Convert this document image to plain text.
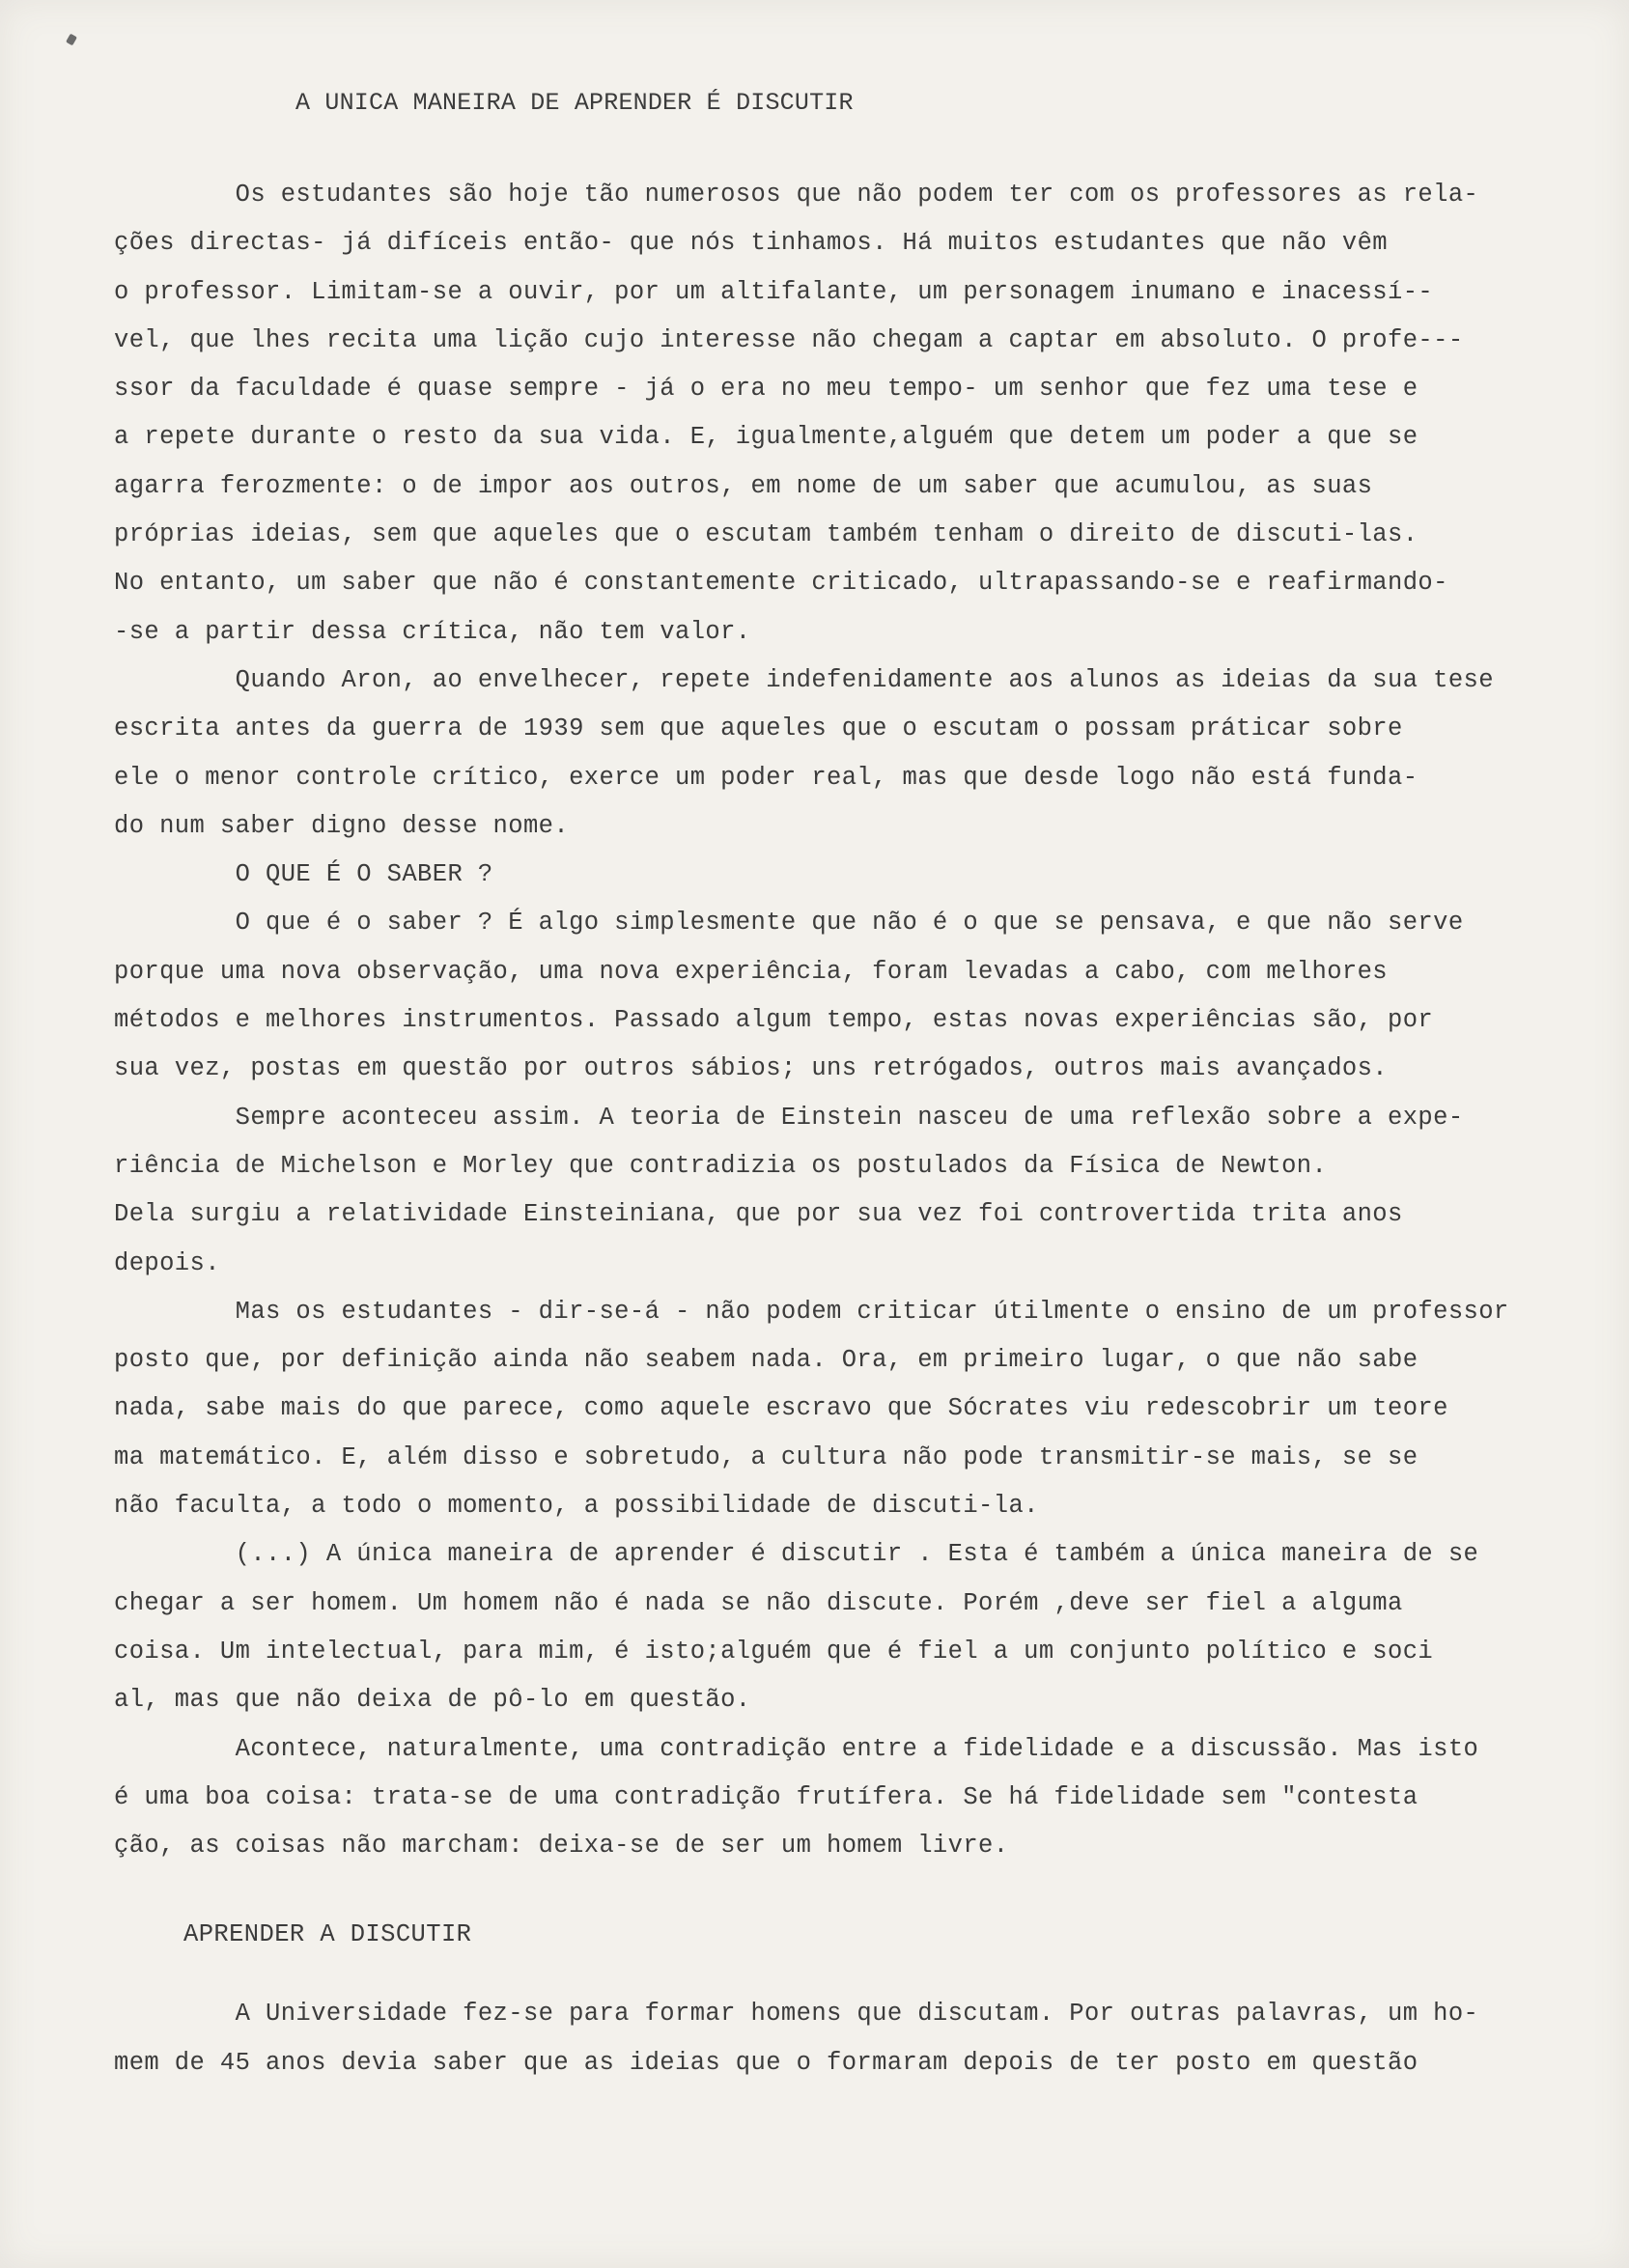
A UNICA MANEIRA DE APRENDER É DISCUTIR
Os estudantes são hoje tão numerosos que não podem ter com os professores as rela-
ções directas- já difíceis então- que nós tinhamos. Há muitos estudantes que não vêm
o professor. Limitam-se a ouvir, por um altifalante, um personagem inumano e inacessí--
vel, que lhes recita uma lição cujo interesse não chegam a captar em absoluto. O profe---
ssor da faculdade é quase sempre - já o era no meu tempo- um senhor que fez uma tese e
a repete durante o resto da sua vida. E, igualmente,alguém que detem um poder a que se
agarra ferozmente: o de impor aos outros, em nome de um saber que acumulou, as suas
próprias ideias, sem que aqueles que o escutam também tenham o direito de discuti-las.
No entanto, um saber que não é constantemente criticado, ultrapassando-se e reafirmando-
-se a partir dessa crítica, não tem valor.
Quando Aron, ao envelhecer, repete indefenidamente aos alunos as ideias da sua tese
escrita antes da guerra de 1939 sem que aqueles que o escutam o possam práticar sobre
ele o menor controle crítico, exerce um poder real, mas que desde logo não está funda-
do num saber digno desse nome.
O QUE É O SABER ?
O que é o saber ? É algo simplesmente que não é o que se pensava, e que não serve
porque uma nova observação, uma nova experiência, foram levadas a cabo, com melhores
métodos e melhores instrumentos. Passado algum tempo, estas novas experiências são, por
sua vez, postas em questão por outros sábios; uns retrógados, outros mais avançados.
Sempre aconteceu assim. A teoria de Einstein nasceu de uma reflexão sobre a expe-
riência de Michelson e Morley que contradizia os postulados da Física de Newton.
Dela surgiu a relatividade Einsteiniana, que por sua vez foi controvertida trita anos
depois.
Mas os estudantes - dir-se-á - não podem criticar útilmente o ensino de um professor
posto que, por definição ainda não seabem nada. Ora, em primeiro lugar, o que não sabe
nada, sabe mais do que parece, como aquele escravo que Sócrates viu redescobrir um teore
ma matemático. E, além disso e sobretudo, a cultura não pode transmitir-se mais, se se
não faculta, a todo o momento, a possibilidade de discuti-la.
(...) A única maneira de aprender é discutir . Esta é também a única maneira de se
chegar a ser homem. Um homem não é nada se não discute. Porém ,deve ser fiel a alguma
coisa. Um intelectual, para mim, é isto;alguém que é fiel a um conjunto político e soci
al, mas que não deixa de pô-lo em questão.
Acontece, naturalmente, uma contradição entre a fidelidade e a discussão. Mas isto
é uma boa coisa: trata-se de uma contradição frutífera. Se há fidelidade sem "contesta
ção, as coisas não marcham: deixa-se de ser um homem livre.
APRENDER A DISCUTIR
A Universidade fez-se para formar homens que discutam. Por outras palavras, um ho-
mem de 45 anos devia saber que as ideias que o formaram depois de ter posto em questão
